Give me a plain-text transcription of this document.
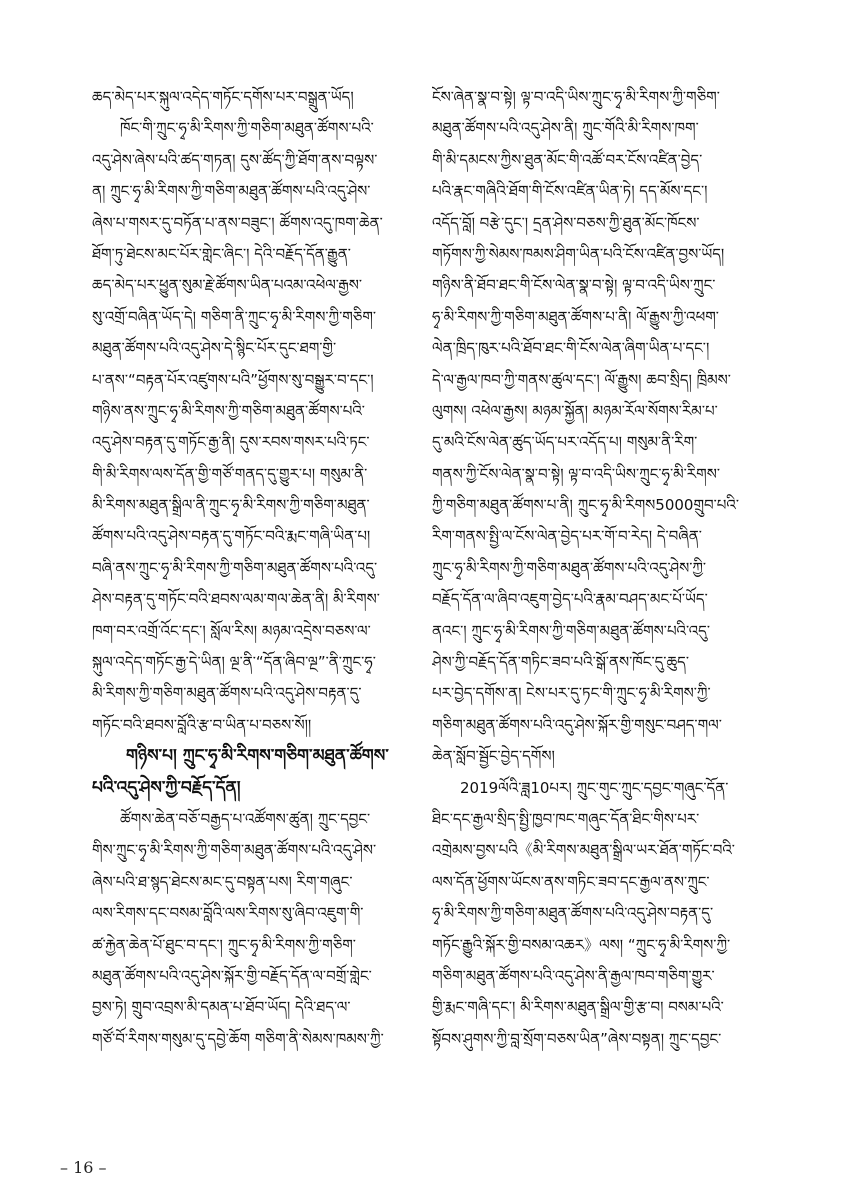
ཆད་མེད་པར་སྐུལ་འདེད་གཏོང་དགོས་པར་བསྒྲུན་ཡོད།
ཁོང་གི་ཀྲུང་ཧྭ་མི་རིགས་ཀྱི་གཅིག་མཐུན་ཚོགས་པའི་
འདུ་ཤེས་ཞེས་པའི་ཚད་གཏན། དུས་ཚོད་ཀྱི་ཐོག་ནས་བལྟས་
ན། ཀྲུང་ཧྭ་མི་རིགས་ཀྱི་གཅིག་མཐུན་ཚོགས་པའི་འདུ་ཤེས་
ཞེས་པ་གསར་དུ་བཏོན་པ་ནས་བཟུང་། ཚོགས་འདུ་ཁག་ཆེན་
ཐོག་ཏུ་ཐེངས་མང་པོར་གླེང་ཞིང་། དེའི་བརྗོད་དོན་རྒྱུན་
ཆད་མེད་པར་ཕྱུན་སུམ་རྗེ་ཚོགས་ཡིན་པའམ་འཕེལ་རྒྱས་
སུ་འགྲོ་བཞིན་ཡོད་དེ། གཅིག་ནི་ཀྲུང་ཧྭ་མི་རིགས་ཀྱི་གཅིག་
མཐུན་ཚོགས་པའི་འདུ་ཤེས་དེ་སྙིང་པོར་དུང་ཐག་གྱི་
པ་ནས་“བརྟན་པོར་འཛུགས་པའི”ཕྱོགས་སུ་བསྒྱུར་བ་དང་།
གཉིས་ནས་ཀྲུང་ཧྭ་མི་རིགས་ཀྱི་གཅིག་མཐུན་ཚོགས་པའི་
འདུ་ཤེས་བརྟན་དུ་གཏོང་རྒྱ་ནི། དུས་རབས་གསར་པའི་ཏང་
གི་མི་རིགས་ལས་དོན་གྱི་གཙོ་གནད་དུ་གྱུར་པ། གསུམ་ནི་
མི་རིགས་མཐུན་སྒྲིལ་ནི་ཀྲུང་ཧྭ་མི་རིགས་ཀྱི་གཅིག་མཐུན་
ཚོགས་པའི་འདུ་ཤེས་བརྟན་དུ་གཏོང་བའི་རྨང་གཞི་ཡིན་པ།
བཞི་ནས་ཀྲུང་ཧྭ་མི་རིགས་ཀྱི་གཅིག་མཐུན་ཚོགས་པའི་འདུ་
ཤེས་བརྟན་དུ་གཏོང་བའི་ཐབས་ལམ་གལ་ཆེན་ནི། མི་རིགས་
ཁག་བར་འགྲོ་འོང་དང་། སློལ་རིས། མཉམ་འདྲེས་བཅས་ལ་
སྐུལ་འདེད་གཏོང་རྒྱ་དེ་ཡིན། ལྔ་ནི་“དོན་ཞིབ་ལྔ”་ནི་ཀྲུང་ཧྭ་
མི་རིགས་ཀྱི་གཅིག་མཐུན་ཚོགས་པའི་འདུ་ཤེས་བརྟན་དུ་
གཏོང་བའི་ཐབས་བློའི་རྩ་བ་ཡིན་པ་བཅས་སོ།།
གཉིས་པ། ཀྲུང་ཧྭ་མི་རིགས་གཅིག་མཐུན་ཚོགས་
པའི་འདུ་ཤེས་ཀྱི་བརྗོད་དོན།
ཚོགས་ཆེན་བཅོ་བརྒྱད་པ་འཚོགས་ཚུན། ཀྲུང་དབྱང་
གིས་ཀྲུང་ཧྭ་མི་རིགས་ཀྱི་གཅིག་མཐུན་ཚོགས་པའི་འདུ་ཤེས་
ཞེས་པའི་ཐ་སྙད་ཐེངས་མང་དུ་བསྟན་པས། རིག་གཞུང་
ལས་རིགས་དང་བསམ་བློའི་ལས་རིགས་སུ་ཞིབ་འཇུག་གི་
ཚ་རྐྱེན་ཆེན་པོ་ཐུང་བ་དང་། ཀྲུང་ཧྭ་མི་རིགས་ཀྱི་གཅིག་
མཐུན་ཚོགས་པའི་འདུ་ཤེས་སྐོར་གྱི་བརྗོད་དོན་ལ་བགྲོ་གླེང་
བྱས་ཏེ། གྲུབ་འབྲས་མི་དམན་པ་ཐོབ་ཡོད། དེའི་ཐད་ལ་
གཙོ་བོ་རིགས་གསུམ་དུ་དབྱེ་ཆོག གཅིག་ནི་སེམས་ཁམས་ཀྱི་
ངོས་ཞེན་སྣ་བ་སྟེ། ལྟ་བ་འདི་ཡིས་ཀྲུང་ཧྭ་མི་རིགས་ཀྱི་གཅིག་
མཐུན་ཚོགས་པའི་འདུ་ཤེས་ནི། ཀྲུང་གོའི་མི་རིགས་ཁག་
གི་མི་དམངས་ཀྱིས་ཐུན་མོང་གི་འཚོ་བར་ངོས་འཛིན་བྱེད་
པའི་རྣང་གཞིའི་ཐོག་གི་ངོས་འཛིན་ཡིན་ཏེ། དད་མོས་དང་།
འདོད་བློ། བརྩེ་དུང་། དྲན་ཤེས་བཅས་ཀྱི་ཐུན་མོང་ཁོངས་
གཏོགས་ཀྱི་སེམས་ཁམས་ཤིག་ཡིན་པའི་ངོས་འཛིན་བྱས་ཡོད།
གཉིས་ནི་ཐོབ་ཐང་གི་ངོས་ལེན་སྣ་བ་སྟེ། ལྟ་བ་འདི་ཡིས་ཀྲུང་
ཧྭ་མི་རིགས་ཀྱི་གཅིག་མཐུན་ཚོགས་པ་ནི། ལོ་རྒྱུས་ཀྱི་འཕག་
ལེན་ཁྲིད་ཁུར་པའི་ཐོབ་ཐང་གི་ངོས་ལེན་ཞིག་ཡིན་པ་དང་།
དེ་ལ་རྒྱལ་ཁབ་ཀྱི་གནས་ཚུལ་དང་། ལོ་རྒྱུས། ཆབ་སྲིད། ཁྲིམས་
ལུགས། འཕེལ་རྒྱས། མཉམ་སྐྱོན། མཉམ་རོལ་སོགས་རིམ་པ་
དུ་མའི་ངོས་ལེན་ཚུད་ཡོད་པར་འདོད་པ། གསུམ་ནི་རིག་
གནས་ཀྱི་ངོས་ལེན་སྣ་བ་སྟེ། ལྟ་བ་འདི་ཡིས་ཀྲུང་ཧྭ་མི་རིགས་
ཀྱི་གཅིག་མཐུན་ཚོགས་པ་ནི། ཀྲུང་ཧྭ་མི་རིགས5000གྲུབ་པའི་
རིག་གནས་སྤྱི་ལ་ངོས་ལེན་བྱེད་པར་གོ་བ་རེད། དེ་བཞིན་
ཀྲུང་ཧྭ་མི་རིགས་ཀྱི་གཅིག་མཐུན་ཚོགས་པའི་འདུ་ཤེས་ཀྱི་
བརྗོད་དོན་ལ་ཞིབ་འཇུག་བྱེད་པའི་རྣམ་བཤད་མང་པོ་ཡོད་
ནའང་། ཀྲུང་ཧྭ་མི་རིགས་ཀྱི་གཅིག་མཐུན་ཚོགས་པའི་འདུ་
ཤེས་ཀྱི་བརྗོད་དོན་གཏིང་ཟབ་པའི་སྒོ་ནས་ཁོང་དུ་ཆུད་
པར་བྱེད་དགོས་ན། ངེས་པར་དུ་ཏང་གི་ཀྲུང་ཧྭ་མི་རིགས་ཀྱི་
གཅིག་མཐུན་ཚོགས་པའི་འདུ་ཤེས་སྐོར་གྱི་གསུང་བཤད་གལ་
ཆེན་སློབ་སྦྱོང་བྱེད་དགོས།
2019ལོའི་ཟླ10པར། ཀྲུང་གུང་ཀྲུང་དབྱང་གཞུང་དོན་
ཐིང་དང་རྒྱལ་སྲིད་སྤྱི་ཁྱབ་ཁང་གཞུང་དོན་ཐིང་གིས་པར་
འགྲེམས་བྱས་པའི《མི་རིགས་མཐུན་སྒྲིལ་ཡར་ཐོན་གཏོང་བའི་
ལས་དོན་ཕྱོགས་ཡོངས་ནས་གཏིང་ཟབ་དང་རྒྱལ་ནས་ཀྲུང་
ཧྭ་མི་རིགས་ཀྱི་གཅིག་མཐུན་ཚོགས་པའི་འདུ་ཤེས་བརྟན་དུ་
གཏོང་རྒྱུའི་སྐོར་གྱི་བསམ་འཆར》ལས། “ཀྲུང་ཧྭ་མི་རིགས་ཀྱི་
གཅིག་མཐུན་ཚོགས་པའི་འདུ་ཤེས་ནི་རྒྱལ་ཁབ་གཅིག་གྱུར་
གྱི་རྨང་གཞི་དང་། མི་རིགས་མཐུན་སྒྲིལ་གྱི་རྩ་བ། བསམ་པའི་
སྟོབས་ཤུགས་ཀྱི་བླ་སྲོག་བཅས་ཡིན”ཞེས་བསྟན། ཀྲུང་དབྱང་
– 16 –
